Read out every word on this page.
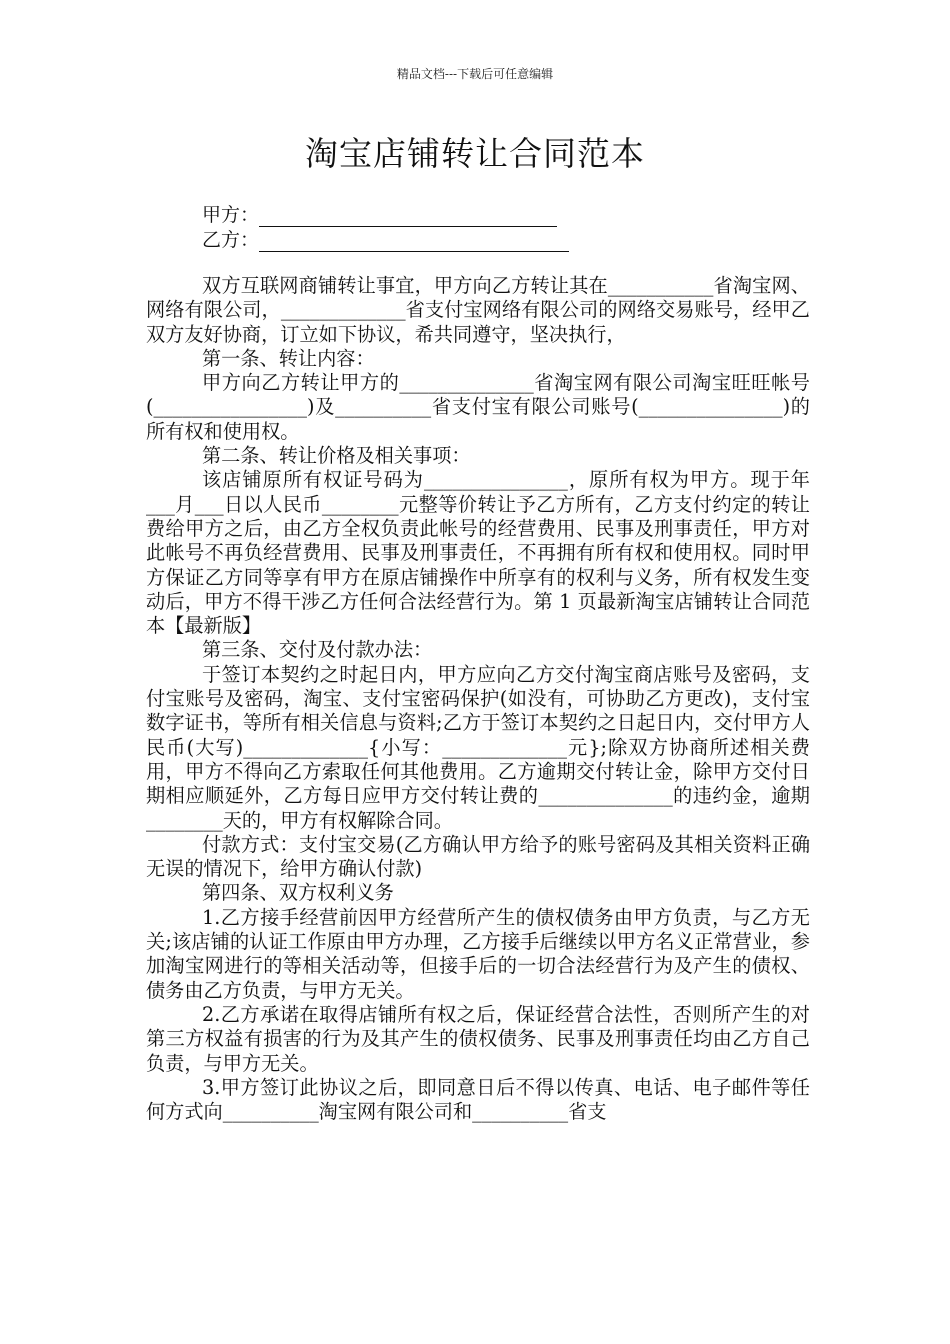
精品文档---下载后可任意编辑
淘宝店铺转让合同范本
甲方：
乙方：

双方互联网商铺转让事宜，甲方向乙方转让其在___________省淘宝网、网络有限公司，_____________省支付宝网络有限公司的网络交易账号，经甲乙双方友好协商，订立如下协议，希共同遵守，坚决执行，

第一条、转让内容：

甲方向乙方转让甲方的______________省淘宝网有限公司淘宝旺旺帐号(________________)及__________省支付宝有限公司账号(_______________)的所有权和使用权。

第二条、转让价格及相关事项：

该店铺原所有权证号码为_______________，原所有权为甲方。现于年___月___日以人民币________元整等价转让予乙方所有，乙方支付约定的转让费给甲方之后，由乙方全权负责此帐号的经营费用、民事及刑事责任，甲方对此帐号不再负经营费用、民事及刑事责任，不再拥有所有权和使用权。同时甲方保证乙方同等享有甲方在原店铺操作中所享有的权利与义务，所有权发生变动后，甲方不得干涉乙方任何合法经营行为。第 1 页最新淘宝店铺转让合同范本【最新版】

第三条、交付及付款办法：

于签订本契约之时起日内，甲方应向乙方交付淘宝商店账号及密码，支付宝账号及密码，淘宝、支付宝密码保护(如没有，可协助乙方更改)，支付宝数字证书，等所有相关信息与资料;乙方于签订本契约之日起日内，交付甲方人民币(大写)_____________{小写：_____________元};除双方协商所述相关费用，甲方不得向乙方索取任何其他费用。乙方逾期交付转让金，除甲方交付日期相应顺延外，乙方每日应甲方交付转让费的______________的违约金，逾期________天的，甲方有权解除合同。

付款方式：支付宝交易(乙方确认甲方给予的账号密码及其相关资料正确无误的情况下，给甲方确认付款)

第四条、双方权利义务

1.乙方接手经营前因甲方经营所产生的债权债务由甲方负责，与乙方无关;该店铺的认证工作原由甲方办理，乙方接手后继续以甲方名义正常营业，参加淘宝网进行的等相关活动等，但接手后的一切合法经营行为及产生的债权、债务由乙方负责，与甲方无关。

2.乙方承诺在取得店铺所有权之后，保证经营合法性，否则所产生的对第三方权益有损害的行为及其产生的债权债务、民事及刑事责任均由乙方自己负责，与甲方无关。

3.甲方签订此协议之后，即同意日后不得以传真、电话、电子邮件等任何方式向__________淘宝网有限公司和__________省支
